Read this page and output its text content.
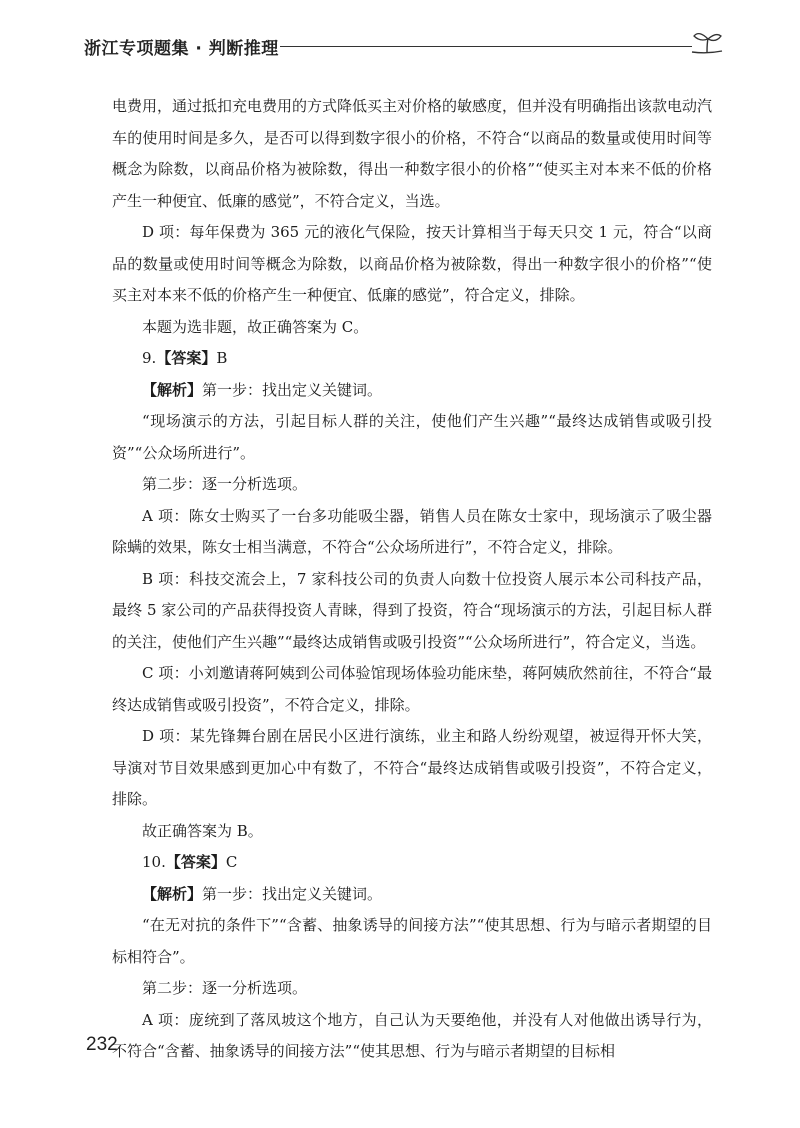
浙江专项题集 · 判断推理

电费用，通过抵扣充电费用的方式降低买主对价格的敏感度，但并没有明确指出该款电动汽车的使用时间是多久，是否可以得到数字很小的价格，不符合“以商品的数量或使用时间等概念为除数，以商品价格为被除数，得出一种数字很小的价格”“使买主对本来不低的价格产生一种便宜、低廉的感觉”，不符合定义，当选。

D 项：每年保费为 365 元的液化气保险，按天计算相当于每天只交 1 元，符合“以商品的数量或使用时间等概念为除数，以商品价格为被除数，得出一种数字很小的价格”“使买主对本来不低的价格产生一种便宜、低廉的感觉”，符合定义，排除。

本题为选非题，故正确答案为 C。

9.【答案】B

【解析】第一步：找出定义关键词。

“现场演示的方法，引起目标人群的关注，使他们产生兴趣”“最终达成销售或吸引投资”“公众场所进行”。

第二步：逐一分析选项。

A 项：陈女士购买了一台多功能吸尘器，销售人员在陈女士家中，现场演示了吸尘器除螨的效果，陈女士相当满意，不符合“公众场所进行”，不符合定义，排除。

B 项：科技交流会上，7 家科技公司的负责人向数十位投资人展示本公司科技产品，最终 5 家公司的产品获得投资人青睐，得到了投资，符合“现场演示的方法，引起目标人群的关注，使他们产生兴趣”“最终达成销售或吸引投资”“公众场所进行”，符合定义，当选。

C 项：小刘邀请蒋阿姨到公司体验馆现场体验功能床垫，蒋阿姨欣然前往，不符合“最终达成销售或吸引投资”，不符合定义，排除。

D 项：某先锋舞台剧在居民小区进行演练，业主和路人纷纷观望，被逗得开怀大笑，导演对节目效果感到更加心中有数了，不符合“最终达成销售或吸引投资”，不符合定义，排除。

故正确答案为 B。

10.【答案】C

【解析】第一步：找出定义关键词。

“在无对抗的条件下”“含蓄、抽象诱导的间接方法”“使其思想、行为与暗示者期望的目标相符合”。

第二步：逐一分析选项。

A 项：庞统到了落凤坡这个地方，自己认为天要绝他，并没有人对他做出诱导行为，不符合“含蓄、抽象诱导的间接方法”“使其思想、行为与暗示者期望的目标相

232
